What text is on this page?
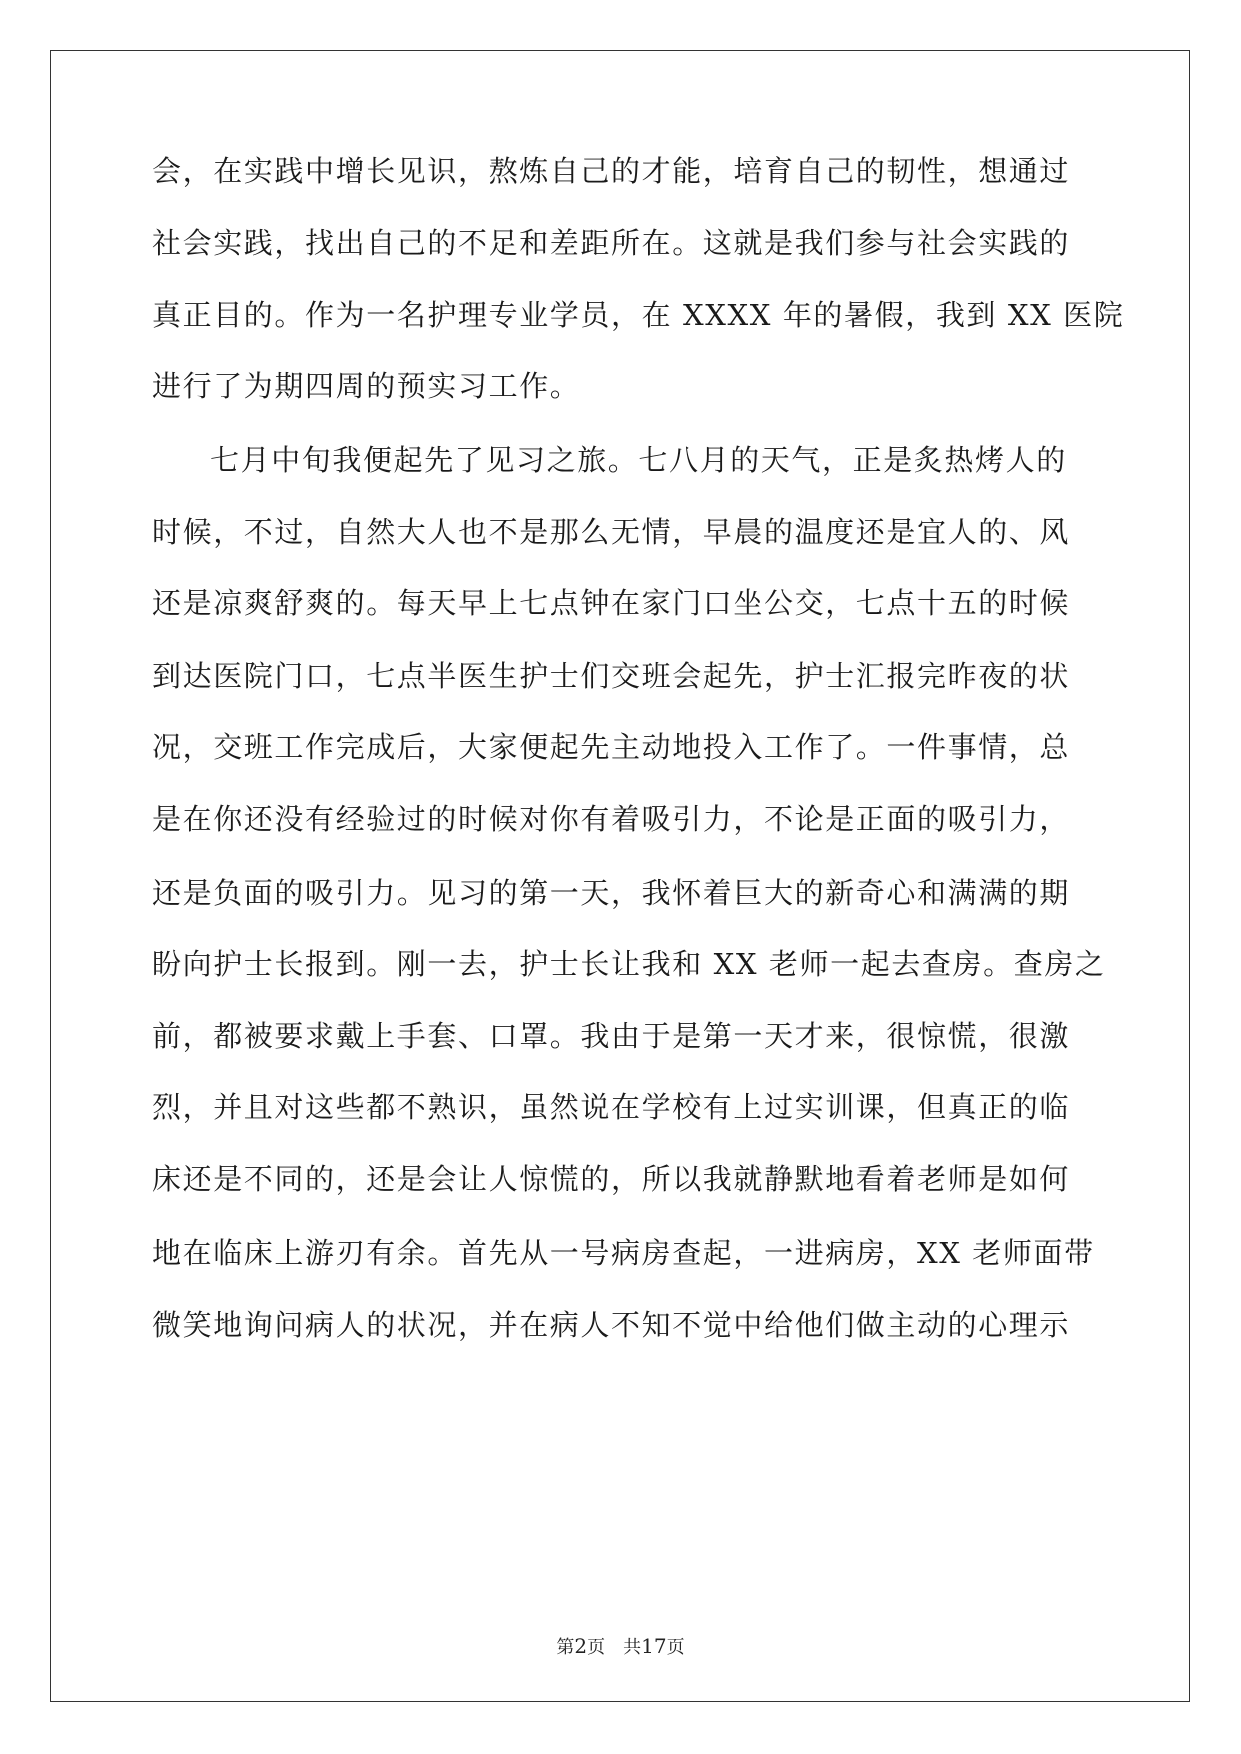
会，在实践中增长见识，熬炼自己的才能，培育自己的韧性，想通过
社会实践，找出自己的不足和差距所在。这就是我们参与社会实践的
真正目的。作为一名护理专业学员，在 XXXX 年的暑假，我到 XX 医院
进行了为期四周的预实习工作。
七月中旬我便起先了见习之旅。七八月的天气，正是炙热烤人的
时候，不过，自然大人也不是那么无情，早晨的温度还是宜人的、风
还是凉爽舒爽的。每天早上七点钟在家门口坐公交，七点十五的时候
到达医院门口，七点半医生护士们交班会起先，护士汇报完昨夜的状
况，交班工作完成后，大家便起先主动地投入工作了。一件事情，总
是在你还没有经验过的时候对你有着吸引力，不论是正面的吸引力，
还是负面的吸引力。见习的第一天，我怀着巨大的新奇心和满满的期
盼向护士长报到。刚一去，护士长让我和 XX 老师一起去查房。查房之
前，都被要求戴上手套、口罩。我由于是第一天才来，很惊慌，很激
烈，并且对这些都不熟识，虽然说在学校有上过实训课，但真正的临
床还是不同的，还是会让人惊慌的，所以我就静默地看着老师是如何
地在临床上游刃有余。首先从一号病房查起，一进病房，XX 老师面带
微笑地询问病人的状况，并在病人不知不觉中给他们做主动的心理示
第2页 共17页
